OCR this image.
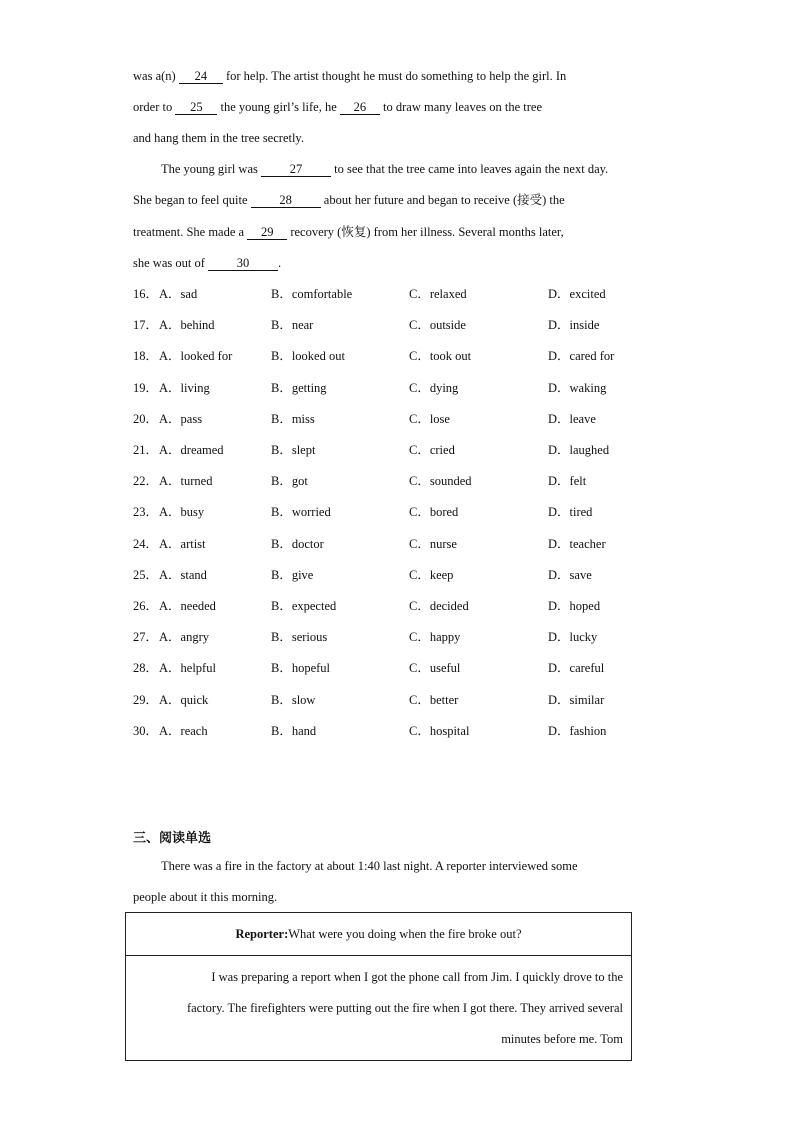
was a(n) 24 for help. The artist thought he must do something to help the girl. In
order to 25 the young girl’s life, he 26 to draw many leaves on the tree
and hang them in the tree secretly.
The young girl was 27 to see that the tree came into leaves again the next day.
She began to feel quite 28 about her future and began to receive (接受) the
treatment. She made a 29 recovery (恢复) from her illness. Several months later,
she was out of 30 .
16． A．sad	B．comfortable	C．relaxed	D．excited
17． A．behind	B．near	C．outside	D．inside
18． A．looked for	B．looked out	C．took out	D．cared for
19． A．living	B．getting	C．dying	D．waking
20． A．pass	B．miss	C．lose	D．leave
21． A．dreamed	B．slept	C．cried	D．laughed
22． A．turned	B．got	C．sounded	D．felt
23． A．busy	B．worried	C．bored	D．tired
24． A．artist	B．doctor	C．nurse	D．teacher
25． A．stand	B．give	C．keep	D．save
26． A．needed	B．expected	C．decided	D．hoped
27． A．angry	B．serious	C．happy	D．lucky
28． A．helpful	B．hopeful	C．useful	D．careful
29． A．quick	B．slow	C．better	D．similar
30． A．reach	B．hand	C．hospital	D．fashion
三、阅读单选
There was a fire in the factory at about 1:40 last night. A reporter interviewed some
people about it this morning.
Reporter:What were you doing when the fire broke out?

I was preparing a report when I got the phone call from Jim. I quickly drove to the

factory. The firefighters were putting out the fire when I got there. They arrived several

minutes before me. Tom
